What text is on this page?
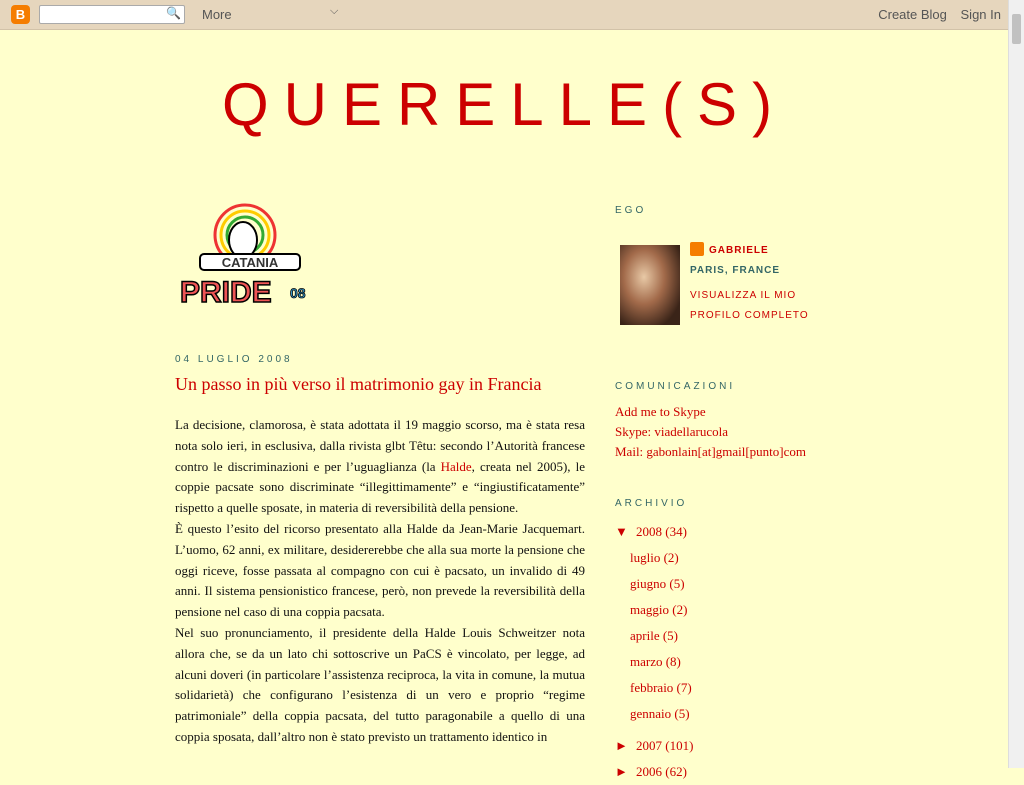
B	🔍 More	⌵	Create Blog Sign In
QUERELLE(S)
CATANIA
PRIDE 08
04 LUGLIO 2008
Un passo in più verso il matrimonio gay in Francia

La decisione, clamorosa, è stata adottata il 19 maggio scorso, ma è stata resa nota solo ieri, in esclusiva, dalla rivista glbt Têtu: secondo l’Autorità francese contro le discriminazioni e per l’uguaglianza (la Halde, creata nel 2005), le coppie pacsate sono discriminate “illegittimamente” e “ingiustificatamente” rispetto a quelle sposate, in materia di reversibilità della pensione.

È questo l’esito del ricorso presentato alla Halde da Jean-Marie Jacquemart. L’uomo, 62 anni, ex militare, desidererebbe che alla sua morte la pensione che oggi riceve, fosse passata al compagno con cui è pacsato, un invalido di 49 anni. Il sistema pensionistico francese, però, non prevede la reversibilità della pensione nel caso di una coppia pacsata.

Nel suo pronunciamento, il presidente della Halde Louis Schweitzer nota allora che, se da un lato chi sottoscrive un PaCS è vincolato, per legge, ad alcuni doveri (in particolare l’assistenza reciproca, la vita in comune, la mutua solidarietà) che configurano l’esistenza di un vero e proprio “regime patrimoniale” della coppia pacsata, del tutto paragonabile a quello di una coppia sposata, dall’altro non è stato previsto un trattamento identico in

EGO
GABRIELE
PARIS, FRANCE
VISUALIZZA IL MIO PROFILO COMPLETO
COMUNICAZIONI
Add me to Skype
Skype: viadellarucola
Mail: gabonlain[at]gmail[punto]com
ARCHIVIO
▼ 2008 (34)
luglio (2)
giugno (5)
maggio (2)
aprile (5)
marzo (8)
febbraio (7)
gennaio (5)
► 2007 (101)
► 2006 (62)
